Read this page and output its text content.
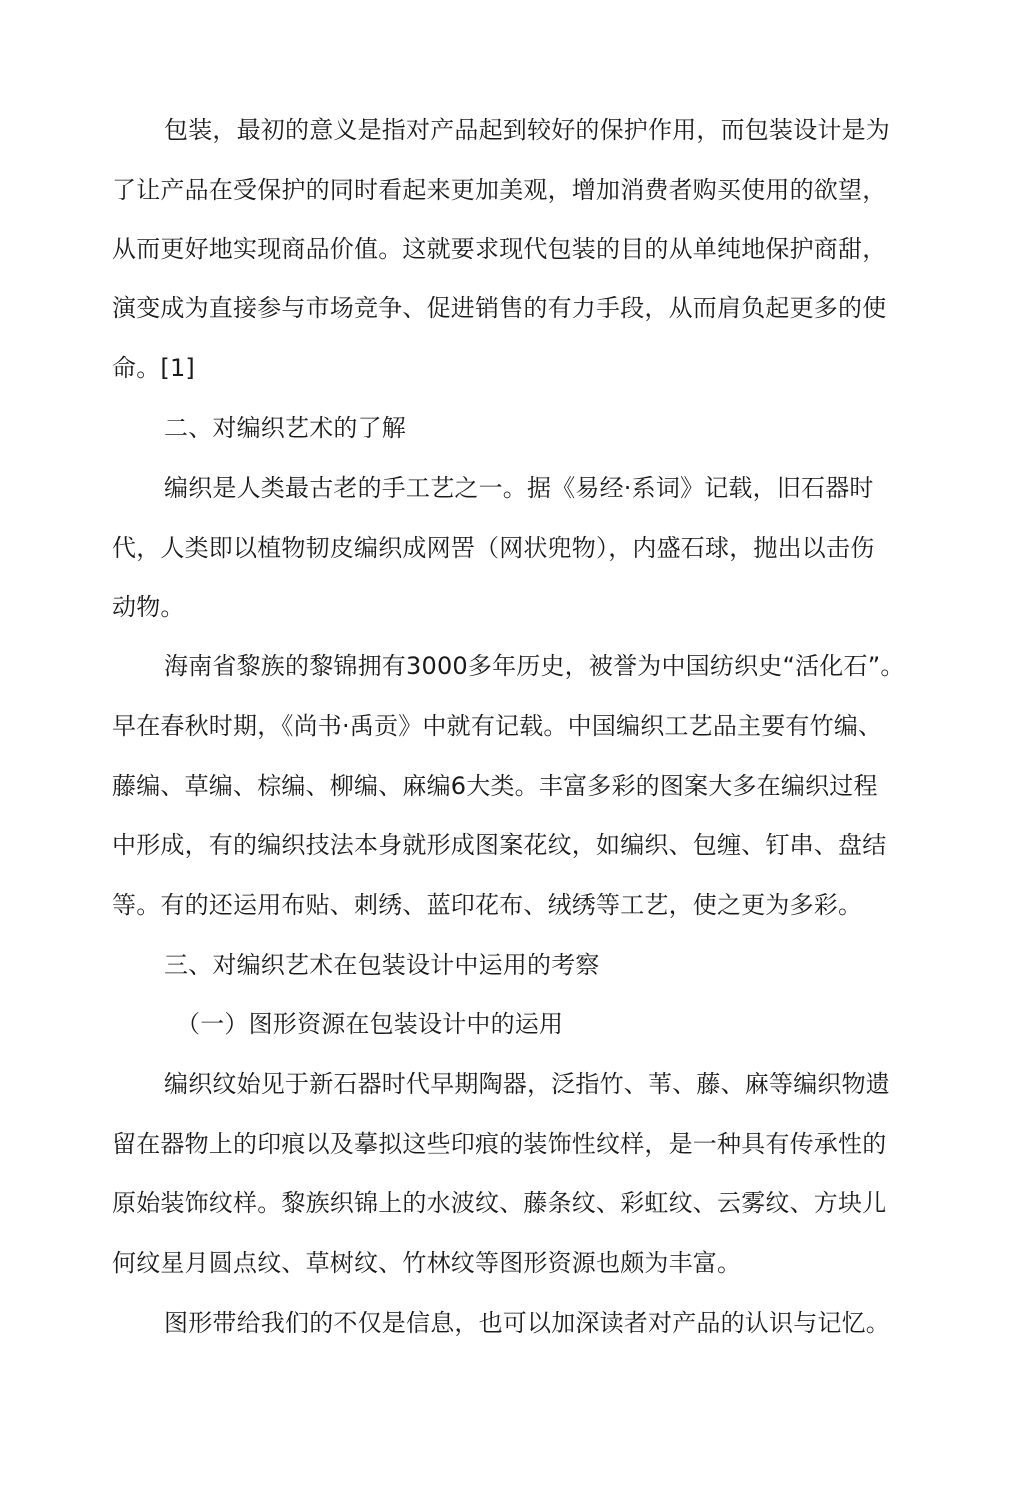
包装，最初的意义是指对产品起到较好的保护作用，而包装设计是为
了让产品在受保护的同时看起来更加美观，增加消费者购买使用的欲望，
从而更好地实现商品价值。这就要求现代包装的目的从单纯地保护商甜，
演变成为直接参与市场竞争、促进销售的有力手段，从而肩负起更多的使
命。[1]
二、对编织艺术的了解
编织是人类最古老的手工艺之一。据《易经·系词》记载，旧石器时
代，人类即以植物韧皮编织成网罟（网状兜物），内盛石球，抛出以击伤
动物。
海南省黎族的黎锦拥有3000多年历史，被誉为中国纺织史“活化石”。
早在春秋时期，《尚书·禹贡》中就有记载。中国编织工艺品主要有竹编、
藤编、草编、棕编、柳编、麻编6大类。丰富多彩的图案大多在编织过程
中形成，有的编织技法本身就形成图案花纹，如编织、包缠、钉串、盘结
等。有的还运用布贴、刺绣、蓝印花布、绒绣等工艺，使之更为多彩。
三、对编织艺术在包装设计中运用的考察
（一）图形资源在包装设计中的运用
编织纹始见于新石器时代早期陶器，泛指竹、苇、藤、麻等编织物遗
留在器物上的印痕以及摹拟这些印痕的装饰性纹样，是一种具有传承性的
原始装饰纹样。黎族织锦上的水波纹、藤条纹、彩虹纹、云雾纹、方块儿
何纹星月圆点纹、草树纹、竹林纹等图形资源也颇为丰富。
图形带给我们的不仅是信息，也可以加深读者对产品的认识与记忆。
